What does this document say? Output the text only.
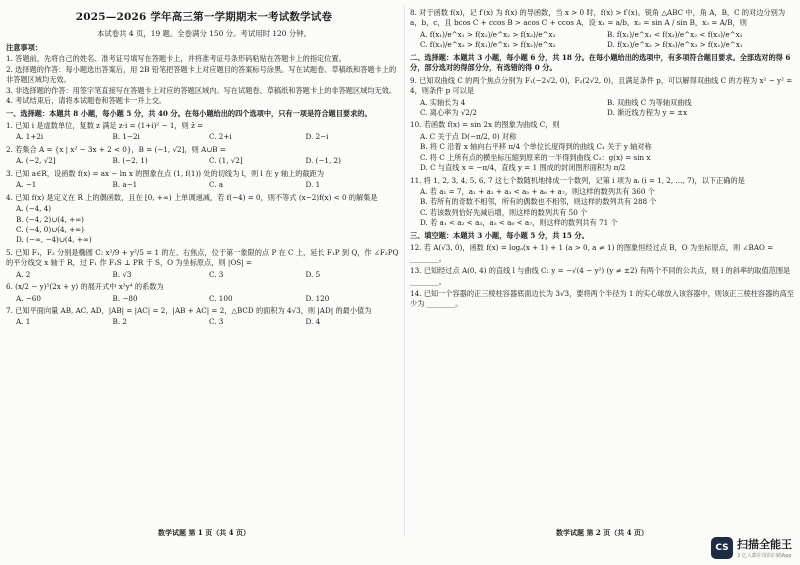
2025—2026 学年高三第一学期期末一考试数学试卷
本试卷共 4 页，19 题。全卷满分 150 分。考试用时 120 分钟。
注意事项：

1. 答题前，先将自己的姓名、准考证号填写在答题卡上，并将准考证号条形码粘贴在答题卡上的指定位置。

2. 选择题的作答：每小题选出答案后，用 2B 铅笔把答题卡上对应题目的答案标号涂黑。写在试题卷、草稿纸和答题卡上的非答题区域均无效。

3. 非选择题的作答：用签字笔直接写在答题卡上对应的答题区域内。写在试题卷、草稿纸和答题卡上的非答题区域均无效。

4. 考试结束后，请将本试题卷和答题卡一并上交。

一、选择题：本题共 8 小题，每小题 5 分，共 40 分。在每小题给出的四个选项中，只有一项是符合题目要求的。

1. 已知 i 是虚数单位，复数 z 满足 z·i = (1+i)² − 1，则 z̄ =

A. 1+2i	B. 1−2i	C. 2+i	D. 2−i

2. 若集合 A = {x | x² − 3x + 2 < 0}，B = (−1, √2]，则 A∪B =

A. (−2, √2]	B. (−2, 1)	C. (1, √2]	D. (−1, 2)

3. 已知 a∈R，设函数 f(x) = ax − ln x 的图象在点 (1, f(1)) 处的切线为 l，则 l 在 y 轴上的截距为

A. −1	B. a−1	C. a	D. 1

4. 已知 f(x) 是定义在 R 上的偶函数，且在 [0, +∞) 上单调递减，若 f(−4) = 0，则不等式 (x−2)f(x) < 0 的解集是

A. (−4, 4)
B. (−4, 2)∪(4, +∞)
C. (−4, 0)∪(4, +∞)
D. (−∞, −4)∪(4, +∞)

5. 已知 F₁，F₂ 分别是椭圆 C: x²/9 + y²/5 = 1 的左、右焦点，位于第一象限的点 P 在 C 上，延长 F₁P 到 Q，作 ∠F₂PQ 的平分线交 x 轴于 R，过 F₁ 作 F₁S ⊥ PR 于 S，O 为坐标原点，则 |OS| =

A. 2	B. √3	C. 3	D. 5

6. (x/2 − y)⁵(2x + y) 的展开式中 x²y⁴ 的系数为

A. −60	B. −80	C. 100	D. 120

7. 已知平面向量 AB, AC, AD，|AB| = |AC| = 2，|AB + AC| = 2，△BCD 的面积为 4√3，则 |AD| 的最小值为

A. 1	B. 2	C. 3	D. 4
数学试题 第 1 页（共 4 页）

8. 对于函数 f(x)，记 f′(x) 为 f(x) 的导函数，当 x > 0 时，f(x) > f′(x)。锐角 △ABC 中，角 A，B，C 的对边分别为 a，b，c，且 bcos C + ccos B > acos C + ccos A，设 x₁ = a/b，x₂ = sin A / sin B，x₃ = A/B，则

A. f(x₁)/e^x₁ > f(x₂)/e^x₂ > f(x₃)/e^x₃	B. f(x₁)/e^x₁ < f(x₂)/e^x₂ < f(x₃)/e^x₃
C. f(x₃)/e^x₃ > f(x₁)/e^x₁ > f(x₂)/e^x₂	D. f(x₂)/e^x₂ > f(x₃)/e^x₃ > f(x₁)/e^x₁
二、选择题：本题共 3 小题，每小题 6 分，共 18 分。在每小题给出的选项中，有多项符合题目要求。全部选对的得 6 分，部分选对的得部分分，有选错的得 0 分。

9. 已知双曲线 C 的两个焦点分别为 F₁(−2√2, 0)，F₂(2√2, 0)，且满足条件 p，可以解得双曲线 C 的方程为 x² − y² = 4，则条件 p 可以是

A. 实轴长为 4	B. 双曲线 C 为等轴双曲线
C. 离心率为 √2/2	D. 渐近线方程为 y = ±x

10. 若函数 f(x) = sin 2x 的图象为曲线 C，则

A. C 关于点 D(−π/2, 0) 对称
B. 将 C 沿着 x 轴向右平移 π/4 个单位长度得到的曲线 C₁ 关于 y 轴对称
C. 将 C 上所有点的横坐标压缩到原来的一半得到曲线 C₂：g(x) = sin x
D. C 与直线 x = −π/4，直线 y = 1 围成的封闭图形面积为 π/2

11. 将 1, 2, 3, 4, 5, 6, 7 这七个数随机地排成一个数列，记第 i 项为 aᵢ (i = 1, 2, …, 7)，以下正确的是

A. 若 a₁ = 7，a₁ + a₂ + a₃ < a₅ + a₆ + a₇，则这样的数列共有 360 个
B. 若所有的奇数不相邻，所有的偶数也不相邻，则这样的数列共有 288 个
C. 若该数列恰好先减后增，则这样的数列共有 50 个
D. 若 a₁ < a₂ < a₃，a₅ < a₆ < a₇，则这样的数列共有 71 个
三、填空题：本题共 3 小题，每小题 5 分，共 15 分。

12. 若 A(√3, 0)，函数 f(x) = logₐ(x + 1) + 1 (a > 0, a ≠ 1) 的图象恒经过点 B，O 为坐标原点，则 ∠BAO = ________。

13. 已知经过点 A(0, 4) 的直线 l 与曲线 C: y = −√(4 − y²) (y ≠ ±2) 有两个不同的公共点，则 l 的斜率的取值范围是 ________。

14. 已知一个容器的正三棱柱容器底面边长为 3√3，要将两个半径为 1 的实心球放入该容器中，则该正三棱柱容器的高至少为 ________。

数学试题 第 2 页（共 4 页）
CS 扫描全能王
3 亿人都在用的扫描App
